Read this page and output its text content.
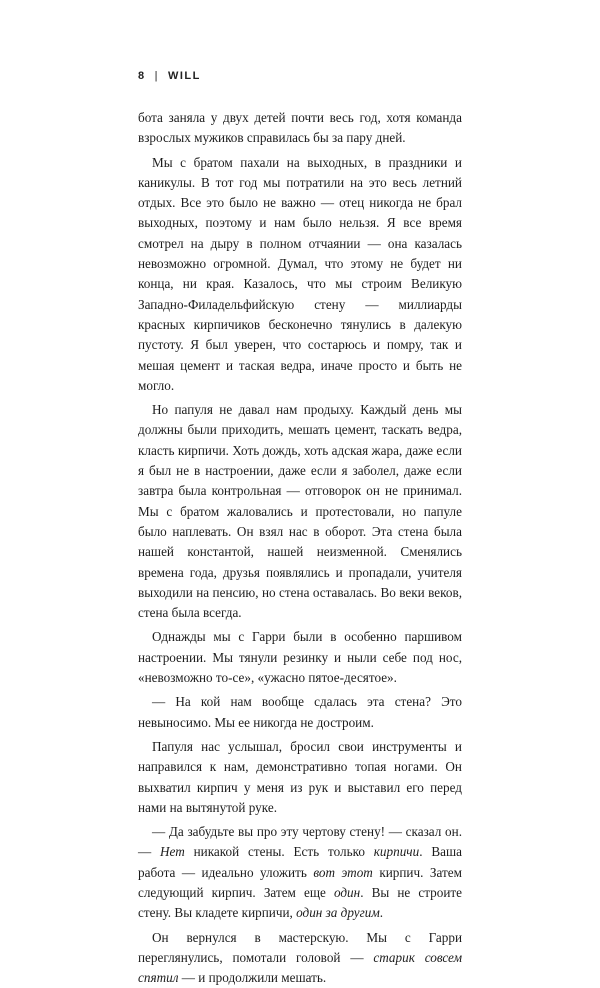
8 | WILL

бота заняла у двух детей почти весь год, хотя команда взрослых мужиков справилась бы за пару дней.

Мы с братом пахали на выходных, в праздники и каникулы. В тот год мы потратили на это весь летний отдых. Все это было не важно — отец никогда не брал выходных, поэтому и нам было нельзя. Я все время смотрел на дыру в полном отчаянии — она казалась невозможно огромной. Думал, что этому не будет ни конца, ни края. Казалось, что мы строим Великую Западно-Филадельфийскую стену — миллиарды красных кирпичиков бесконечно тянулись в далекую пустоту. Я был уверен, что состарюсь и помру, так и мешая цемент и таская ведра, иначе просто и быть не могло.

Но папуля не давал нам продыху. Каждый день мы должны были приходить, мешать цемент, таскать ведра, класть кирпичи. Хоть дождь, хоть адская жара, даже если я был не в настроении, даже если я заболел, даже если завтра была контрольная — отговорок он не принимал. Мы с братом жаловались и протестовали, но папуле было наплевать. Он взял нас в оборот. Эта стена была нашей константой, нашей неизменной. Сменялись времена года, друзья появлялись и пропадали, учителя выходили на пенсию, но стена оставалась. Во веки веков, стена была всегда.

Однажды мы с Гарри были в особенно паршивом настроении. Мы тянули резинку и ныли себе под нос, «невозможно то-се», «ужасно пятое-десятое».

— На кой нам вообще сдалась эта стена? Это невыносимо. Мы ее никогда не достроим.

Папуля нас услышал, бросил свои инструменты и направился к нам, демонстративно топая ногами. Он выхватил кирпич у меня из рук и выставил его перед нами на вытянутой руке.

— Да забудьте вы про эту чертову стену! — сказал он. — Нет никакой стены. Есть только кирпичи. Ваша работа — идеально уложить вот этот кирпич. Затем следующий кирпич. Затем еще один. Вы не строите стену. Вы кладете кирпичи, один за другим.

Он вернулся в мастерскую. Мы с Гарри переглянулись, помотали головой — старик совсем спятил — и продолжили мешать.
